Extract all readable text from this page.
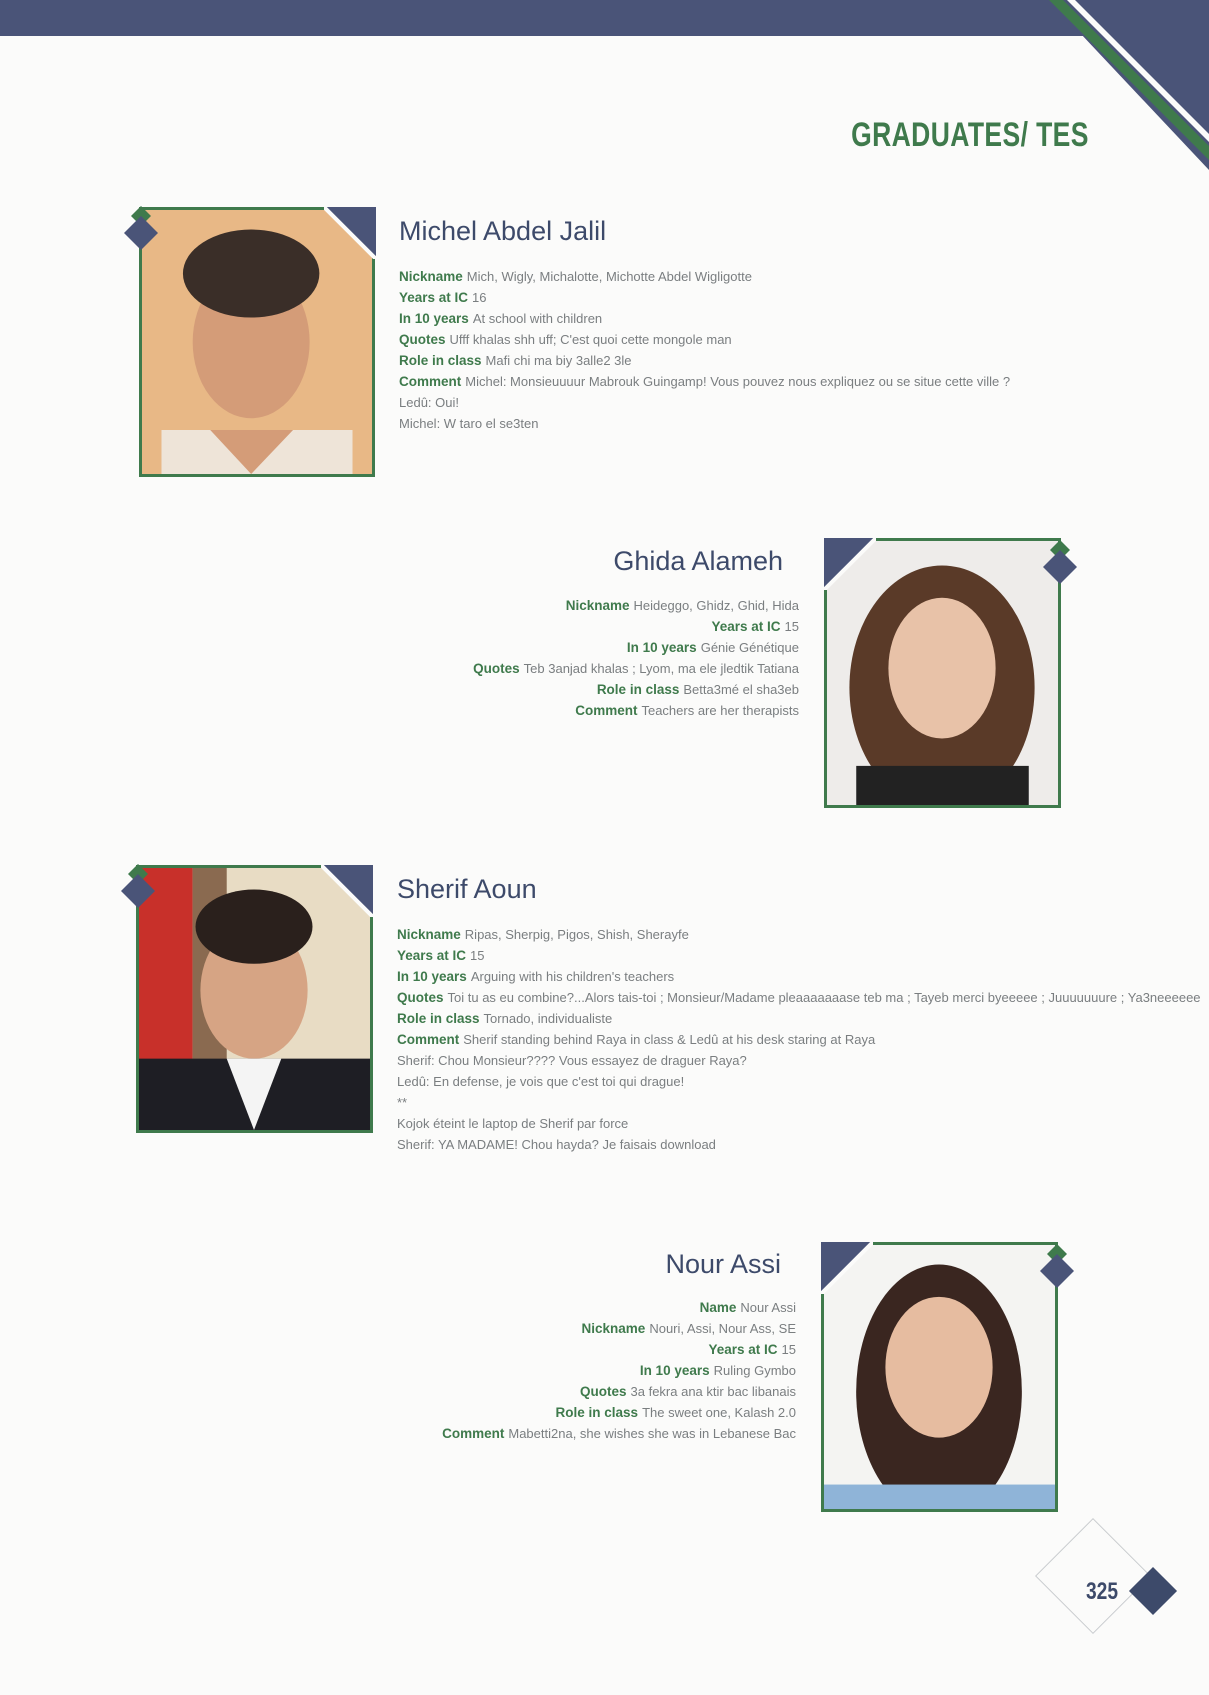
GRADUATES/ TES
Michel Abdel Jalil
Nickname Mich, Wigly, Michalotte, Michotte Abdel Wigligotte
Years at IC 16
In 10 years At school with children
Quotes Ufff khalas shh uff; C'est quoi cette mongole man
Role in class Mafi chi ma biy 3alle2 3le
Comment Michel: Monsieuuuur Mabrouk Guingamp! Vous pouvez nous expliquez ou se situe cette ville ?
Ledû: Oui!
Michel: W taro el se3ten
Ghida Alameh
Nickname Heideggo, Ghidz, Ghid, Hida
Years at IC 15
In 10 years Génie Génétique
Quotes Teb 3anjad khalas ; Lyom, ma ele jledtik Tatiana
Role in class Betta3mé el sha3eb
Comment Teachers are her therapists
Sherif Aoun
Nickname Ripas, Sherpig, Pigos, Shish, Sherayfe
Years at IC 15
In 10 years Arguing with his children's teachers
Quotes Toi tu as eu combine?...Alors tais-toi ; Monsieur/Madame pleaaaaaaase teb ma ; Tayeb merci byeeeee ; Juuuuuuure ; Ya3neeeeee
Role in class Tornado, individualiste
Comment Sherif standing behind Raya in class & Ledû at his desk staring at Raya
Sherif: Chou Monsieur???? Vous essayez de draguer Raya?
Ledû: En defense, je vois que c'est toi qui drague!
**
Kojok éteint le laptop de Sherif par force
Sherif: YA MADAME! Chou hayda? Je faisais download
Nour Assi
Name Nour Assi
Nickname Nouri, Assi, Nour Ass, SE
Years at IC 15
In 10 years Ruling Gymbo
Quotes 3a fekra ana ktir bac libanais
Role in class The sweet one, Kalash 2.0
Comment Mabetti2na, she wishes she was in Lebanese Bac
325
